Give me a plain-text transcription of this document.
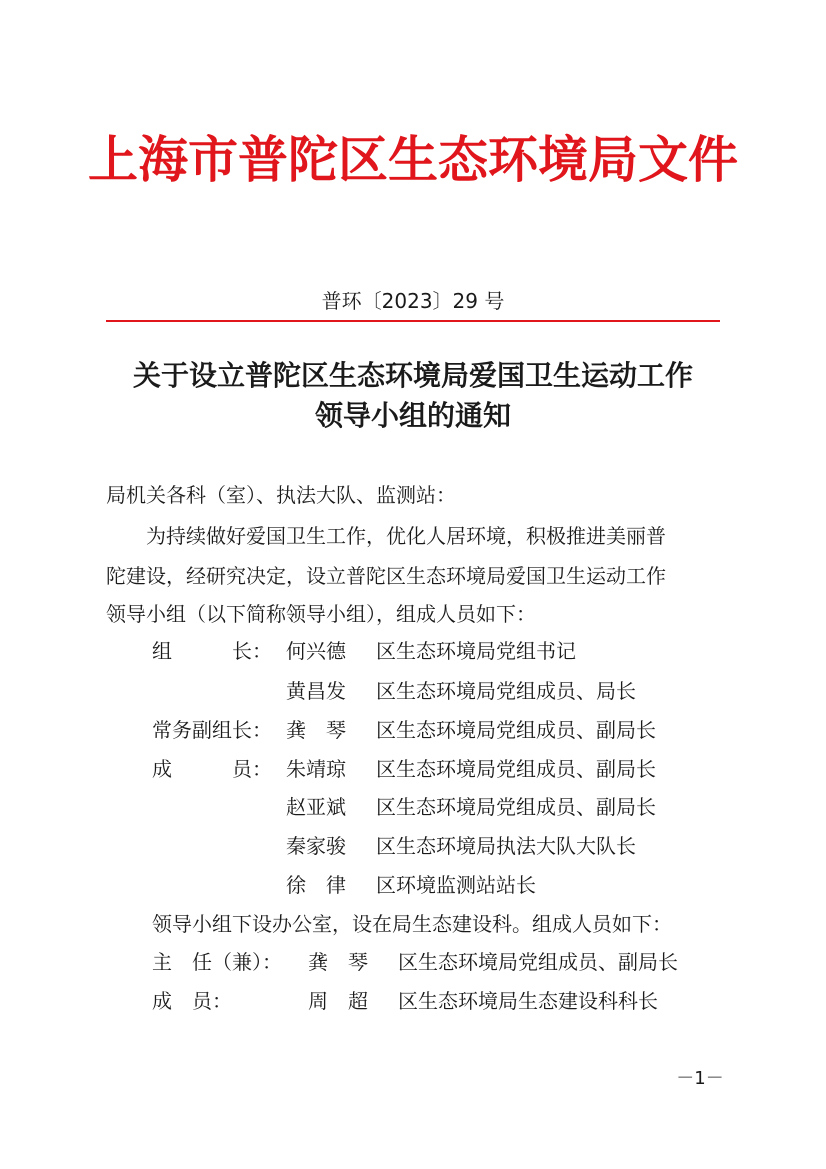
上海市普陀区生态环境局文件
普环〔2023〕29 号
关于设立普陀区生态环境局爱国卫生运动工作
领导小组的通知
局机关各科（室）、执法大队、监测站：
为持续做好爱国卫生工作，优化人居环境，积极推进美丽普
陀建设，经研究决定，设立普陀区生态环境局爱国卫生运动工作
领导小组（以下简称领导小组），组成人员如下：
组　　　长： 何兴德 区生态环境局党组书记
黄昌发 区生态环境局党组成员、局长
常务副组长： 龚　琴 区生态环境局党组成员、副局长
成　　　员： 朱靖琼 区生态环境局党组成员、副局长
赵亚斌 区生态环境局党组成员、副局长
秦家骏 区生态环境局执法大队大队长
徐　律 区环境监测站站长
领导小组下设办公室，设在局生态建设科。组成人员如下：
主　任（兼）： 龚　琴 区生态环境局党组成员、副局长
成　员：	周　超 区生态环境局生态建设科科长
－1－
